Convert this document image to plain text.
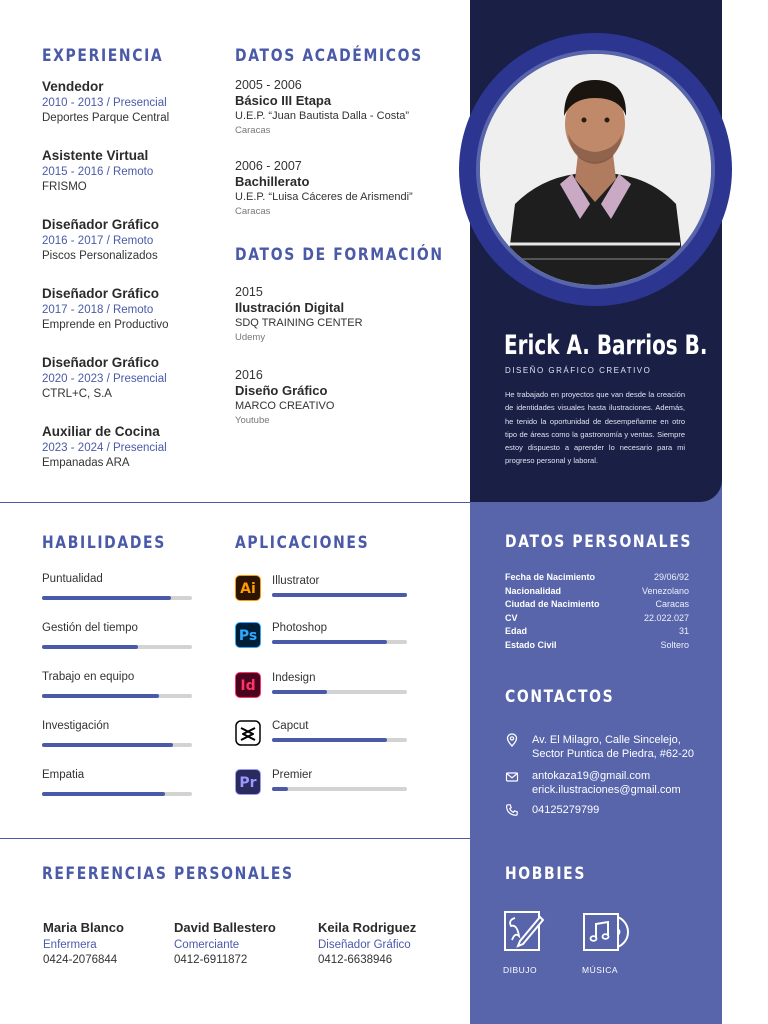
Erick A. Barrios B.
DISEÑO GRÁFICO CREATIVO
He trabajado en proyectos que van desde la creación de identidades visuales hasta ilustraciones. Además, he tenido la oportunidad de desempeñarme en otro tipo de áreas como la gastronomía y ventas. Siempre estoy dispuesto a aprender lo necesario para mi progreso personal y laboral.
EXPERIENCIA
Vendedor
2010 - 2013 / Presencial
Deportes Parque Central
Asistente Virtual
2015 - 2016 / Remoto
FRISMO
Diseñador Gráfico
2016 - 2017 / Remoto
Piscos Personalizados
Diseñador Gráfico
2017 - 2018 / Remoto
Emprende en Productivo
Diseñador Gráfico
2020 - 2023 / Presencial
CTRL+C, S.A
Auxiliar de Cocina
2023 - 2024 / Presencial
Empanadas ARA
DATOS ACADÉMICOS
2005 - 2006
Básico III Etapa
U.E.P. “Juan Bautista Dalla - Costa”
Caracas
2006 - 2007
Bachillerato
U.E.P. “Luisa Cáceres de Arismendi”
Caracas
DATOS DE FORMACIÓN
2015
Ilustración Digital
SDQ TRAINING CENTER
Udemy
2016
Diseño Gráfico
MARCO CREATIVO
Youtube
HABILIDADES
Puntualidad
Gestión del tiempo
Trabajo en equipo
Investigación
Empatia
APLICACIONES
Ai	Illustrator
Ps	Photoshop
Id	Indesign
Capcut
Pr	Premier
REFERENCIAS PERSONALES
Maria Blanco
Enfermera
0424-2076844
David Ballestero
Comerciante
0412-6911872
Keila Rodriguez
Diseñador Gráfico
0412-6638946
DATOS PERSONALES
Fecha de Nacimiento	29/06/92
Nacionalidad	Venezolano
Ciudad de Nacimiento	Caracas
CV	22.022.027
Edad	31
Estado Civil	Soltero
CONTACTOS
Av. El Milagro, Calle Sincelejo,
Sector Puntica de Piedra, #62-20
antokaza19@gmail.com
erick.ilustraciones@gmail.com
04125279799
HOBBIES
DIBUJO	MÚSICA
